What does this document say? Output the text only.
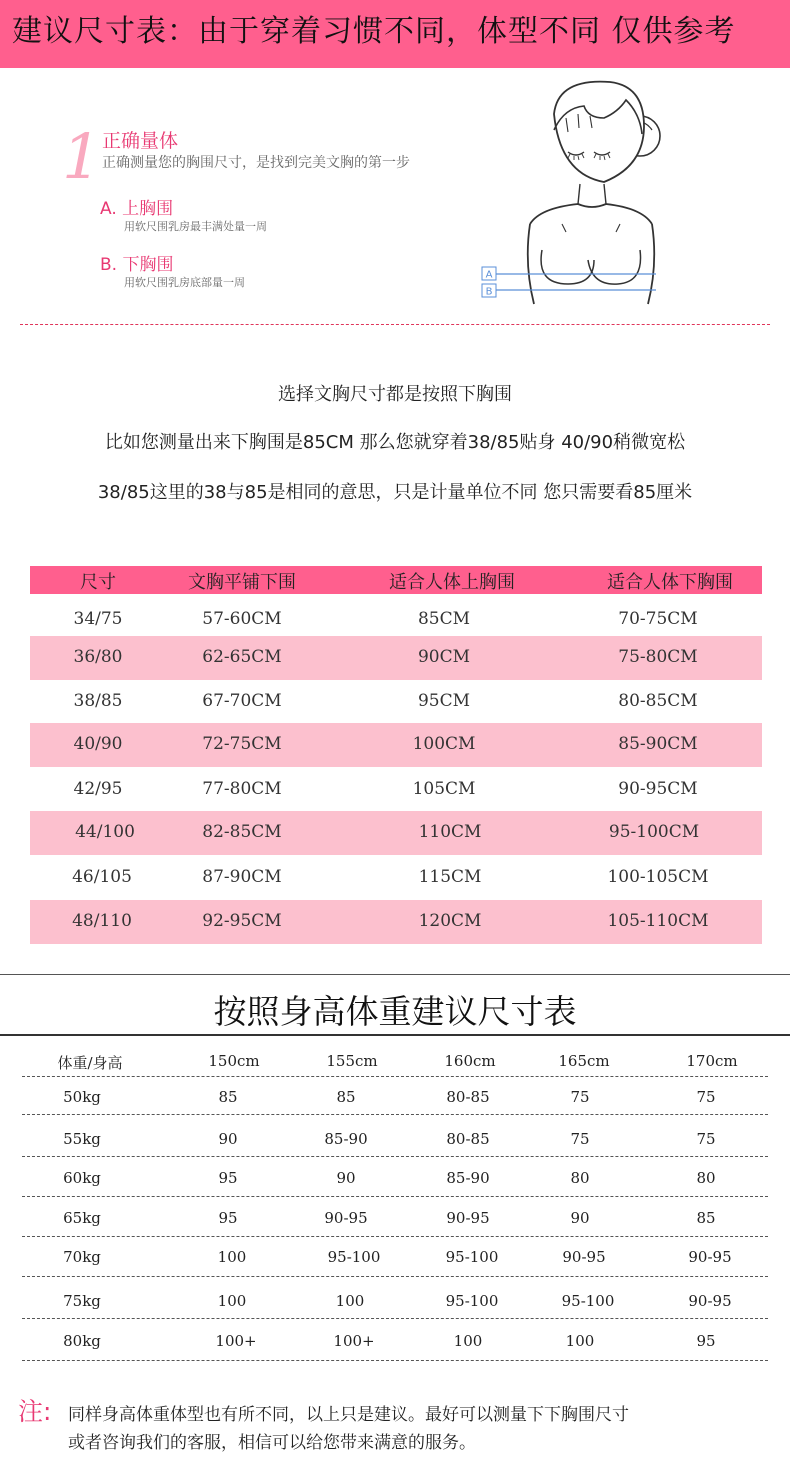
建议尺寸表：由于穿着习惯不同，体型不同 仅供参考
1 正确量体
正确测量您的胸围尺寸，是找到完美文胸的第一步
A. 上胸围
用软尺围乳房最丰满处量一周
B. 下胸围
用软尺围乳房底部量一周
A
B
选择文胸尺寸都是按照下胸围
比如您测量出来下胸围是85CM 那么您就穿着38/85贴身 40/90稍微宽松
38/85这里的38与85是相同的意思，只是计量单位不同 您只需要看85厘米
尺寸	文胸平铺下围	适合人体上胸围	适合人体下胸围
34/75	57-60CM	85CM	70-75CM
36/80	62-65CM	90CM	75-80CM
38/85	67-70CM	95CM	80-85CM
40/90	72-75CM	100CM	85-90CM
42/95	77-80CM	105CM	90-95CM
44/100	82-85CM	110CM	95-100CM
46/105	87-90CM	115CM	100-105CM
48/110	92-95CM	120CM	105-110CM
按照身高体重建议尺寸表
体重/身高	150cm	155cm	160cm	165cm	170cm
50kg	85	85	80-85	75	75
55kg	90	85-90	80-85	75	75
60kg	95	90	85-90	80	80
65kg	95	90-95	90-95	90	85
70kg	100	95-100	95-100	90-95	90-95
75kg	100	100	95-100	95-100	90-95
80kg	100+	100+	100	100	95
注: 同样身高体重体型也有所不同，以上只是建议。最好可以测量下下胸围尺寸
或者咨询我们的客服，相信可以给您带来满意的服务。
